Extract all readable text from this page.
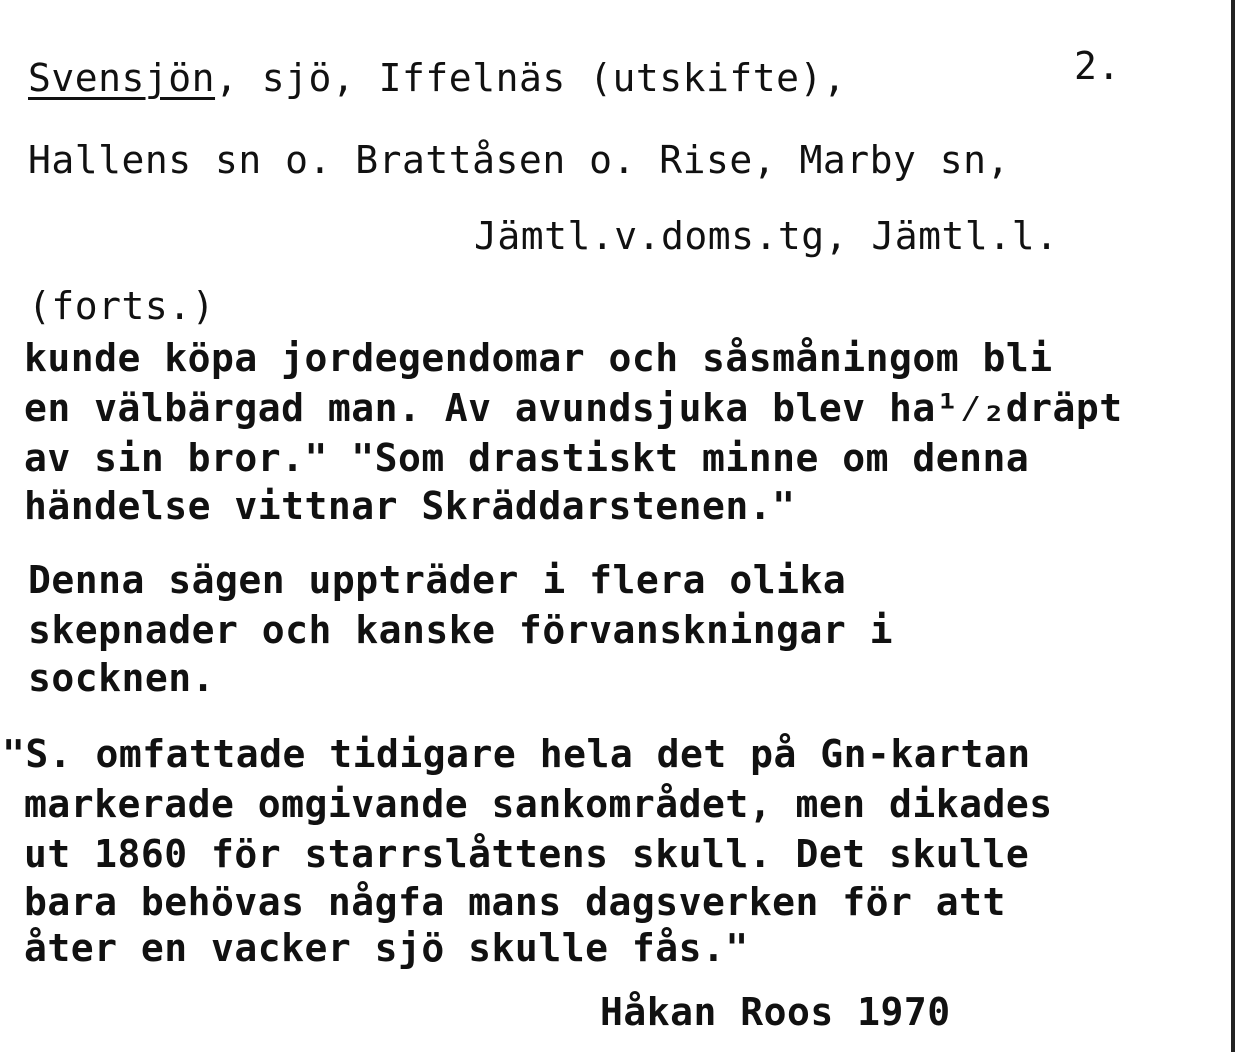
Svensjön, sjö, Iffelnäs (utskifte),	2.
Hallens sn o. Brattåsen o. Rise, Marby sn,
Jämtl.v.doms.tg, Jämtl.l.
(forts.)
kunde köpa jordegendomar och såsmåningom bli
en välbärgad man. Av avundsjuka blev ha¹⁄₂dräpt
av sin bror." "Som drastiskt minne om denna
händelse vittnar Skräddarstenen."
Denna sägen uppträder i flera olika
skepnader och kanske förvanskningar i
socknen.
"S. omfattade tidigare hela det på Gn-kartan
markerade omgivande sankområdet, men dikades
ut 1860 för starrslåttens skull. Det skulle
bara behövas någfa mans dagsverken för att
åter en vacker sjö skulle fås."
Håkan Roos 1970
